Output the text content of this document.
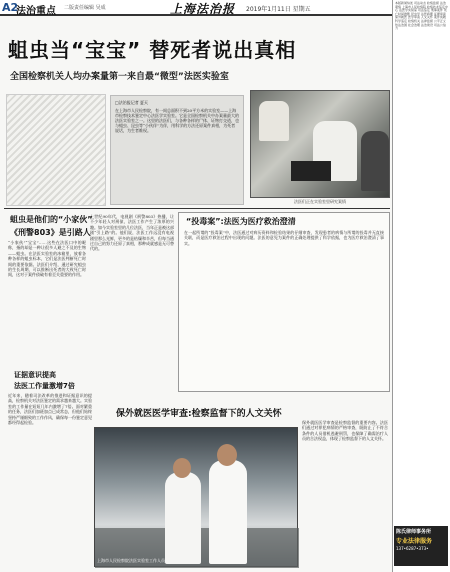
A2
法治重点 二版责任编辑 吴成	上海法治报 2019年1月11日 星期五
蛆虫当“宝宝” 替死者说出真相
全国检察机关人均办案量第一来自最“微型”法医实验室
□法治报记者 夏天
在上海市人民检察院，有一间总面积不到20平方米的实验室——上海市检察技术鉴定中心法医学实验室。它是全国检察机关中办案量最大的法医实验室之一。这里的法医们，与各种各样的尸体、证物打交道，也与蛆虫、昆虫等“小伙伴”为伴，用科学的方法还原案件真相，为死者说话，为生者维权。
法医们正在实验室里研究案情
蛆虫是他们的“小家伙”
《刑警803》是引路人
“小家伙”“宝宝”……这些在法医口中的昵称，指的却是一种让很多人避之不及的生物——蛆虫。在法医实验室的冰箱里，放着各种各样的蛆虫标本，它们是法医判断死亡时间的重要依据。法医们介绍，通过研究蛆虫的生长周期，可以推断出死者的大致死亡时间，这对于案件侦破有着至关重要的作用。
上世纪90年代，电视剧《刑警803》热播，让不少年轻人对刑侦、法医工作产生了浓厚的兴趣。如今实验室里的几位法医，当年正是被这部剧“引上路”的。他们说，法医工作远没有电视剧里那么光鲜，更多的是枯燥和辛苦，但每当通过自己的努力还原了真相，那种成就感是无可替代的。
证据意识提高
法医工作量激增7倍
近年来，随着司法改革的推进和证据意识的提高，检察机关对法医鉴定的需求越来越大。实验室的工作量在短短几年内激增了7倍。面对繁重的任务，法医们加班加点已成常态，但他们始终坚持严谨细致的工作作风，确保每一份鉴定意见都经得起检验。
“投毒案”:法医为医疗救治澄清
在一起所谓的“投毒案”中，法医通过对病历资料和检验结果的仔细审查，发现患者的病情与所谓的投毒并无直接关联，而是医疗救治过程中出现的问题。法医的意见为案件的正确处理提供了科学依据，也为医疗救治澄清了事实。
保外就医医学审查:检察监督下的人文关怀
上海市人民检察院法医实验室工作人员
保外就医医学审查是检察监督的重要内容。法医们通过对罪犯病情的严格审查，既防止了不符合条件的人员借机逃避刑罚，也保障了确需治疗人员的合法权益，体现了检察监督下的人文关怀。
本版新闻综述 司法动态 检察监督 法治观察 上海市人民检察院 检察技术鉴定中心 法医学实验室 司法鉴定 刑事案件 死亡时间推断 昆虫学 法医病理 证据审查 保外就医 医学审查 人文关怀 案件侦破 科学鉴定 检察机关 法律监督 公平正义 依法治国 社会治理 法治建设 司法公信力
陈氏律师事务所
专业法律服务
137•6287•373•
